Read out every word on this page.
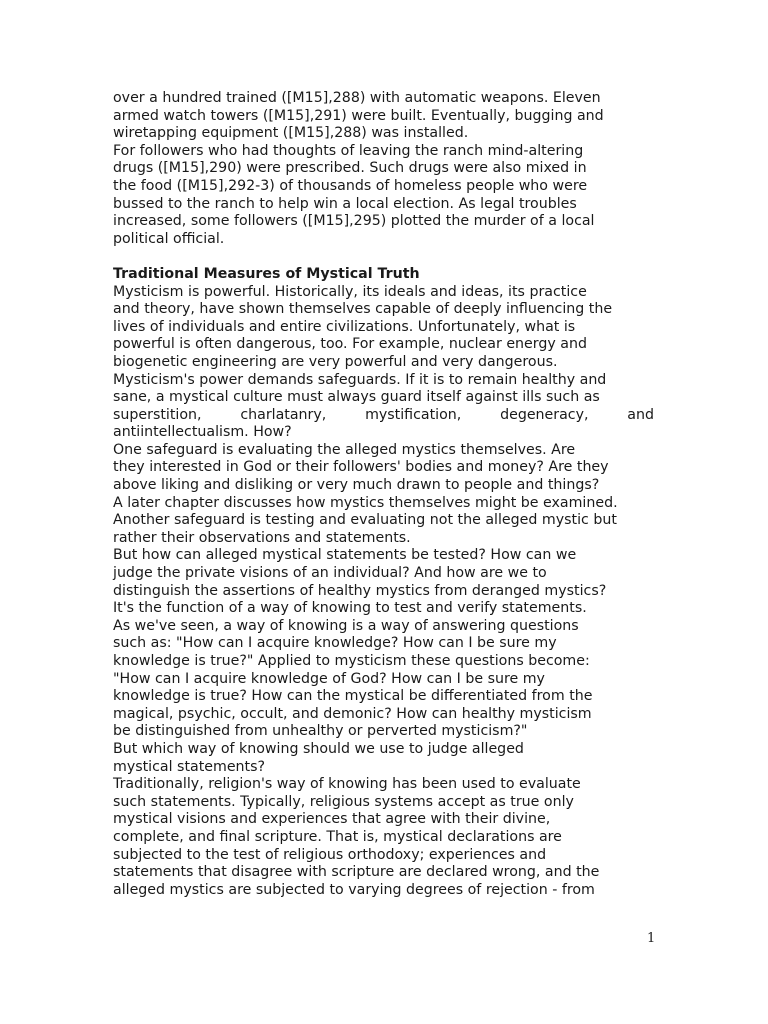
over a hundred trained ([M15],288) with automatic weapons. Eleven
armed watch towers ([M15],291) were built. Eventually, bugging and
wiretapping equipment ([M15],288) was installed.

For followers who had thoughts of leaving the ranch mind-altering
drugs ([M15],290) were prescribed. Such drugs were also mixed in
the food ([M15],292-3) of thousands of homeless people who were
bussed to the ranch to help win a local election. As legal troubles
increased, some followers ([M15],295) plotted the murder of a local
political official.

Traditional Measures of Mystical Truth

Mysticism is powerful. Historically, its ideals and ideas, its practice
and theory, have shown themselves capable of deeply influencing the
lives of individuals and entire civilizations. Unfortunately, what is
powerful is often dangerous, too. For example, nuclear energy and
biogenetic engineering are very powerful and very dangerous.

Mysticism's power demands safeguards. If it is to remain healthy and
sane, a mystical culture must always guard itself against ills such as
superstition,	charlatanry,	mystification,	degeneracy,	and
antiintellectualism. How?

One safeguard is evaluating the alleged mystics themselves. Are
they interested in God or their followers' bodies and money? Are they
above liking and disliking or very much drawn to people and things?
A later chapter discusses how mystics themselves might be examined.

Another safeguard is testing and evaluating not the alleged mystic but
rather their observations and statements.

But how can alleged mystical statements be tested? How can we
judge the private visions of an individual? And how are we to
distinguish the assertions of healthy mystics from deranged mystics?
It's the function of a way of knowing to test and verify statements.

As we've seen, a way of knowing is a way of answering questions
such as: "How can I acquire knowledge? How can I be sure my
knowledge is true?" Applied to mysticism these questions become:
"How can I acquire knowledge of God? How can I be sure my
knowledge is true? How can the mystical be differentiated from the
magical, psychic, occult, and demonic? How can healthy mysticism
be distinguished from unhealthy or perverted mysticism?"

But which way of knowing should we use to judge alleged
mystical statements?

Traditionally, religion's way of knowing has been used to evaluate
such statements. Typically, religious systems accept as true only
mystical visions and experiences that agree with their divine,
complete, and final scripture. That is, mystical declarations are
subjected to the test of religious orthodoxy; experiences and
statements that disagree with scripture are declared wrong, and the
alleged mystics are subjected to varying degrees of rejection - from

1
